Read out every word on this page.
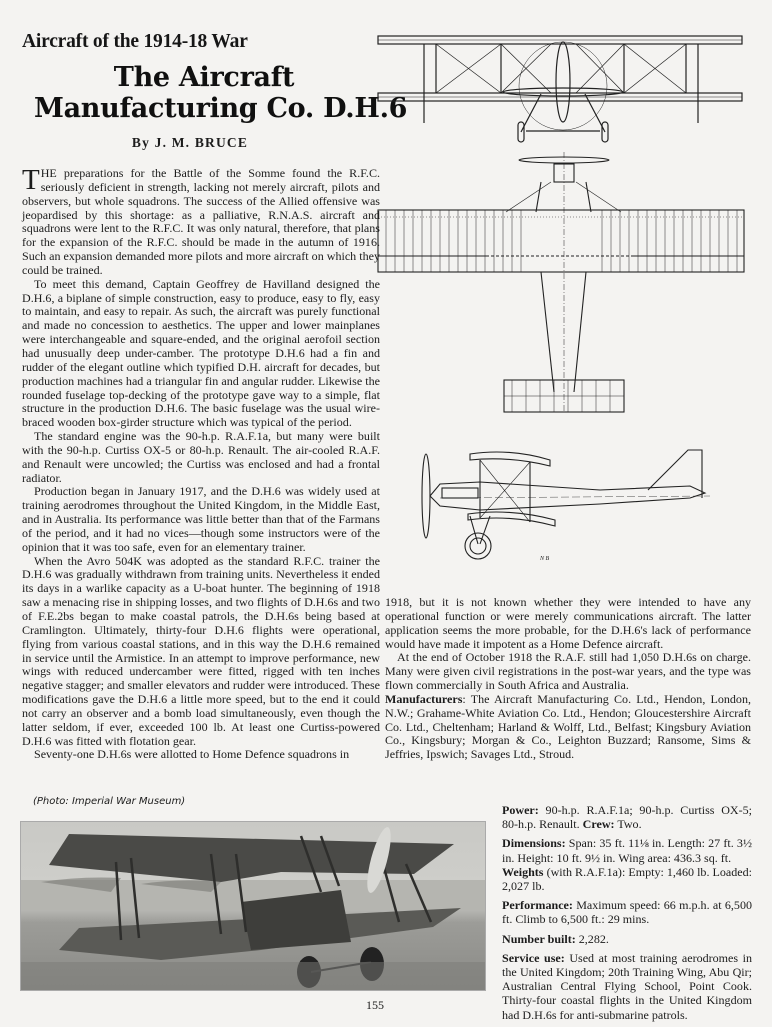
Aircraft of the 1914-18 War
The Aircraft
Manufacturing Co. D.H.6
By J. M. BRUCE

THE preparations for the Battle of the Somme found the R.F.C. seriously deficient in strength, lacking not merely aircraft, pilots and observers, but whole squadrons. The success of the Allied offensive was jeopardised by this shortage: as a palliative, R.N.A.S. aircraft and squadrons were lent to the R.F.C. It was only natural, therefore, that plans for the expansion of the R.F.C. should be made in the autumn of 1916. Such an expansion demanded more pilots and more aircraft on which they could be trained.

To meet this demand, Captain Geoffrey de Havilland designed the D.H.6, a biplane of simple construction, easy to produce, easy to fly, easy to maintain, and easy to repair. As such, the aircraft was purely functional and made no concession to aesthetics. The upper and lower mainplanes were interchangeable and square-ended, and the original aerofoil section had unusually deep under-camber. The prototype D.H.6 had a fin and rudder of the elegant outline which typified D.H. aircraft for decades, but production machines had a triangular fin and angular rudder. Likewise the rounded fuselage top-decking of the prototype gave way to a simple, flat structure in the production D.H.6. The basic fuselage was the usual wire-braced wooden box-girder structure which was typical of the period.

The standard engine was the 90-h.p. R.A.F.1a, but many were built with the 90-h.p. Curtiss OX-5 or 80-h.p. Renault. The air-cooled R.A.F. and Renault were uncowled; the Curtiss was enclosed and had a frontal radiator.

Production began in January 1917, and the D.H.6 was widely used at training aerodromes throughout the United Kingdom, in the Middle East, and in Australia. Its performance was little better than that of the Farmans of the period, and it had no vices—though some instructors were of the opinion that it was too safe, even for an elementary trainer.

When the Avro 504K was adopted as the standard R.F.C. trainer the D.H.6 was gradually withdrawn from training units. Nevertheless it ended its days in a warlike capacity as a U-boat hunter. The beginning of 1918 saw a menacing rise in shipping losses, and two flights of D.H.6s and two of F.E.2bs began to make coastal patrols, the D.H.6s being based at Cramlington. Ultimately, thirty-four D.H.6 flights were operational, flying from various coastal stations, and in this way the D.H.6 remained in service until the Armistice. In an attempt to improve performance, new wings with reduced undercamber were fitted, rigged with ten inches negative stagger; and smaller elevators and rudder were introduced. These modifications gave the D.H.6 a little more speed, but to the end it could not carry an observer and a bomb load simultaneously, even though the latter seldom, if ever, exceeded 100 lb. At least one Curtiss-powered D.H.6 was fitted with flotation gear.

Seventy-one D.H.6s were allotted to Home Defence squadrons in

1918, but it is not known whether they were intended to have any operational function or were merely communications aircraft. The latter application seems the more probable, for the D.H.6's lack of performance would have made it impotent as a Home Defence aircraft.

At the end of October 1918 the R.A.F. still had 1,050 D.H.6s on charge. Many were given civil registrations in the post-war years, and the type was flown commercially in South Africa and Australia.

Manufacturers: The Aircraft Manufacturing Co. Ltd., Hendon, London, N.W.; Grahame-White Aviation Co. Ltd., Hendon; Gloucestershire Aircraft Co. Ltd., Cheltenham; Harland & Wolff, Ltd., Belfast; Kingsbury Aviation Co., Kingsbury; Morgan & Co., Leighton Buzzard; Ransome, Sims & Jeffries, Ipswich; Savages Ltd., Stroud.

Power: 90-h.p. R.A.F.1a; 90-h.p. Curtiss OX-5; 80-h.p. Renault. Crew: Two.

Dimensions: Span: 35 ft. 11⅛ in. Length: 27 ft. 3½ in. Height: 10 ft. 9½ in. Wing area: 436.3 sq. ft.

Weights (with R.A.F.1a): Empty: 1,460 lb. Loaded: 2,027 lb.

Performance: Maximum speed: 66 m.p.h. at 6,500 ft. Climb to 6,500 ft.: 29 mins.

Number built: 2,282.

Service use: Used at most training aerodromes in the United Kingdom; 20th Training Wing, Abu Qir; Australian Central Flying School, Point Cook. Thirty-four coastal flights in the United Kingdom had D.H.6s for anti-submarine patrols.

N B
(Photo: Imperial War Museum)
155
